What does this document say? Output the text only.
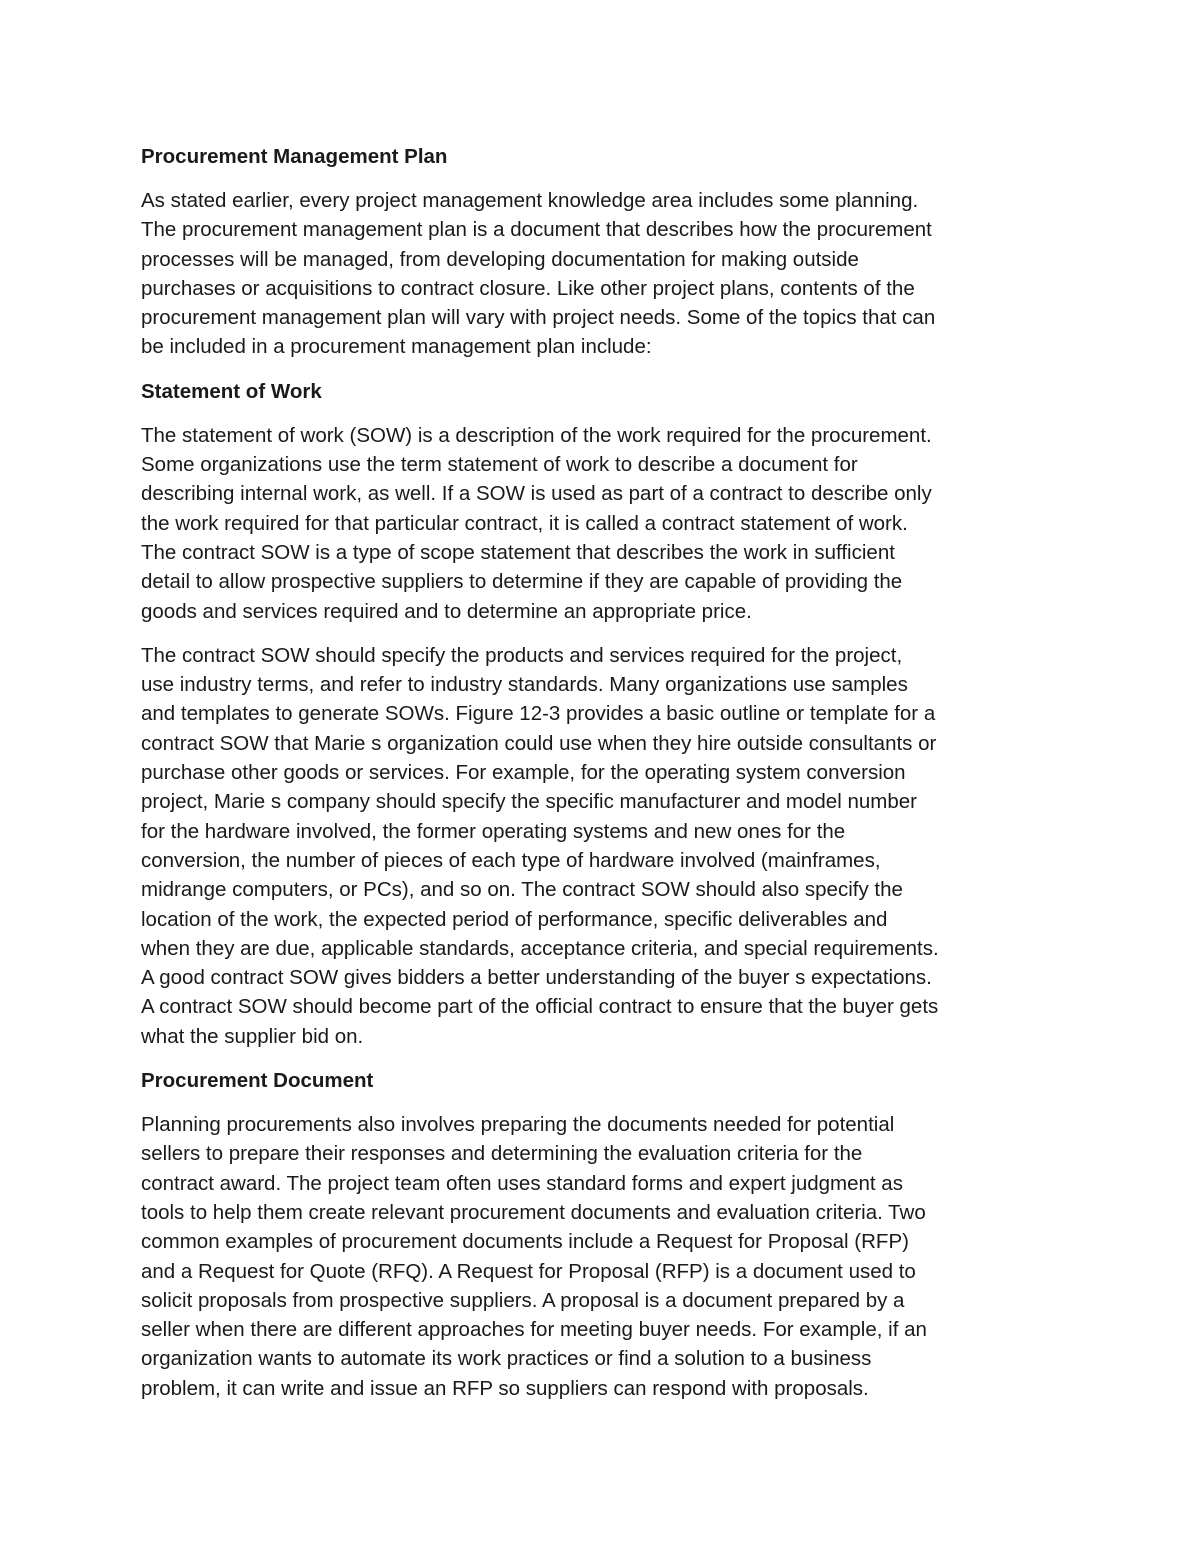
Procurement Management Plan
As stated earlier, every project management knowledge area includes some planning.
The procurement management plan is a document that describes how the procurement
processes will be managed, from developing documentation for making outside
purchases or acquisitions to contract closure. Like other project plans, contents of the
procurement management plan will vary with project needs. Some of the topics that can
be included in a procurement management plan include:
Statement of Work
The statement of work (SOW) is a description of the work required for the procurement.
Some organizations use the term statement of work to describe a document for
describing internal work, as well. If a SOW is used as part of a contract to describe only
the work required for that particular contract, it is called a contract statement of work.
The contract SOW is a type of scope statement that describes the work in sufficient
detail to allow prospective suppliers to determine if they are capable of providing the
goods and services required and to determine an appropriate price.
The contract SOW should specify the products and services required for the project,
use industry terms, and refer to industry standards. Many organizations use samples
and templates to generate SOWs. Figure 12-3 provides a basic outline or template for a
contract SOW that Marie s organization could use when they hire outside consultants or
purchase other goods or services. For example, for the operating system conversion
project, Marie s company should specify the specific manufacturer and model number
for the hardware involved, the former operating systems and new ones for the
conversion, the number of pieces of each type of hardware involved (mainframes,
midrange computers, or PCs), and so on. The contract SOW should also specify the
location of the work, the expected period of performance, specific deliverables and
when they are due, applicable standards, acceptance criteria, and special requirements.
A good contract SOW gives bidders a better understanding of the buyer s expectations.
A contract SOW should become part of the official contract to ensure that the buyer gets
what the supplier bid on.
Procurement Document
Planning procurements also involves preparing the documents needed for potential
sellers to prepare their responses and determining the evaluation criteria for the
contract award. The project team often uses standard forms and expert judgment as
tools to help them create relevant procurement documents and evaluation criteria. Two
common examples of procurement documents include a Request for Proposal (RFP)
and a Request for Quote (RFQ). A Request for Proposal (RFP) is a document used to
solicit proposals from prospective suppliers. A proposal is a document prepared by a
seller when there are different approaches for meeting buyer needs. For example, if an
organization wants to automate its work practices or find a solution to a business
problem, it can write and issue an RFP so suppliers can respond with proposals.
